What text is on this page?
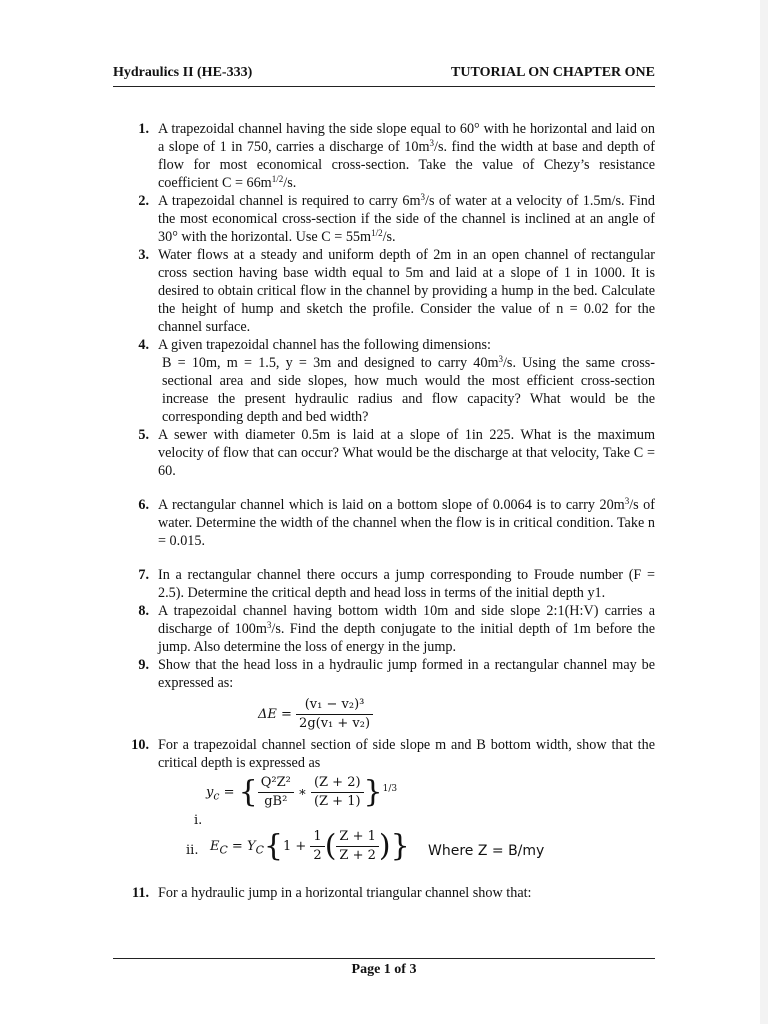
Hydraulics II (HE-333)	TUTORIAL ON CHAPTER ONE
1. A trapezoidal channel having the side slope equal to 60° with he horizontal and laid on a slope of 1 in 750, carries a discharge of $10m^3/s$. find the width at base and depth of flow for most economical cross-section. Take the value of Chezy’s resistance coefficient $C = 66m^{1/2}/s$.
2. A trapezoidal channel is required to carry $6m^3/s$ of water at a velocity of 1.5m/s. Find the most economical cross-section if the side of the channel is inclined at an angle of 30° with the horizontal. Use $C = 55m^{1/2}/s$.
3. Water flows at a steady and uniform depth of 2m in an open channel of rectangular cross section having base width equal to 5m and laid at a slope of 1 in 1000. It is desired to obtain critical flow in the channel by providing a hump in the bed. Calculate the height of hump and sketch the profile. Consider the value of n = 0.02 for the channel surface.
4. A given trapezoidal channel has the following dimensions:
B = 10m, m = 1.5, y = 3m and designed to carry $40m^3/s$. Using the same cross-sectional area and side slopes, how much would the most efficient cross-section increase the present hydraulic radius and flow capacity? What would be the corresponding depth and bed width?
5. A sewer with diameter 0.5m is laid at a slope of 1in 225. What is the maximum velocity of flow that can occur? What would be the discharge at that velocity, Take C = 60.
6. A rectangular channel which is laid on a bottom slope of 0.0064 is to carry $20m^3/s$ of water. Determine the width of the channel when the flow is in critical condition. Take n = 0.015.
7. In a rectangular channel there occurs a jump corresponding to Froude number (F = 2.5). Determine the critical depth and head loss in terms of the initial depth y1.
8. A trapezoidal channel having bottom width 10m and side slope 2:1(H:V) carries a discharge of $100m^3/s$. Find the depth conjugate to the initial depth of 1m before the jump. Also determine the loss of energy in the jump.
9. Show that the head loss in a hydraulic jump formed in a rectangular channel may be expressed as:
$\Delta E = \frac{\text{(v₁ − v₂)³}}{\text{2g(v₁ + v₂)}}$
10. For a trapezoidal channel section of side slope m and B bottom width, show that the critical depth is expressed as
i.
$y_c$ = { $\frac{\text{Q²Z²}}{\text{gB²}}$ ∗ $\frac{(Z + 2)}{(Z + 1)} \}^{1/3}$
ii. $E_C = Y_C\{1 + \frac{1}{2}$ ( $\frac{Z + 1}{Z + 2}$ )} Where Z = B/my
11. For a hydraulic jump in a horizontal triangular channel show that:
Page 1 of 3
